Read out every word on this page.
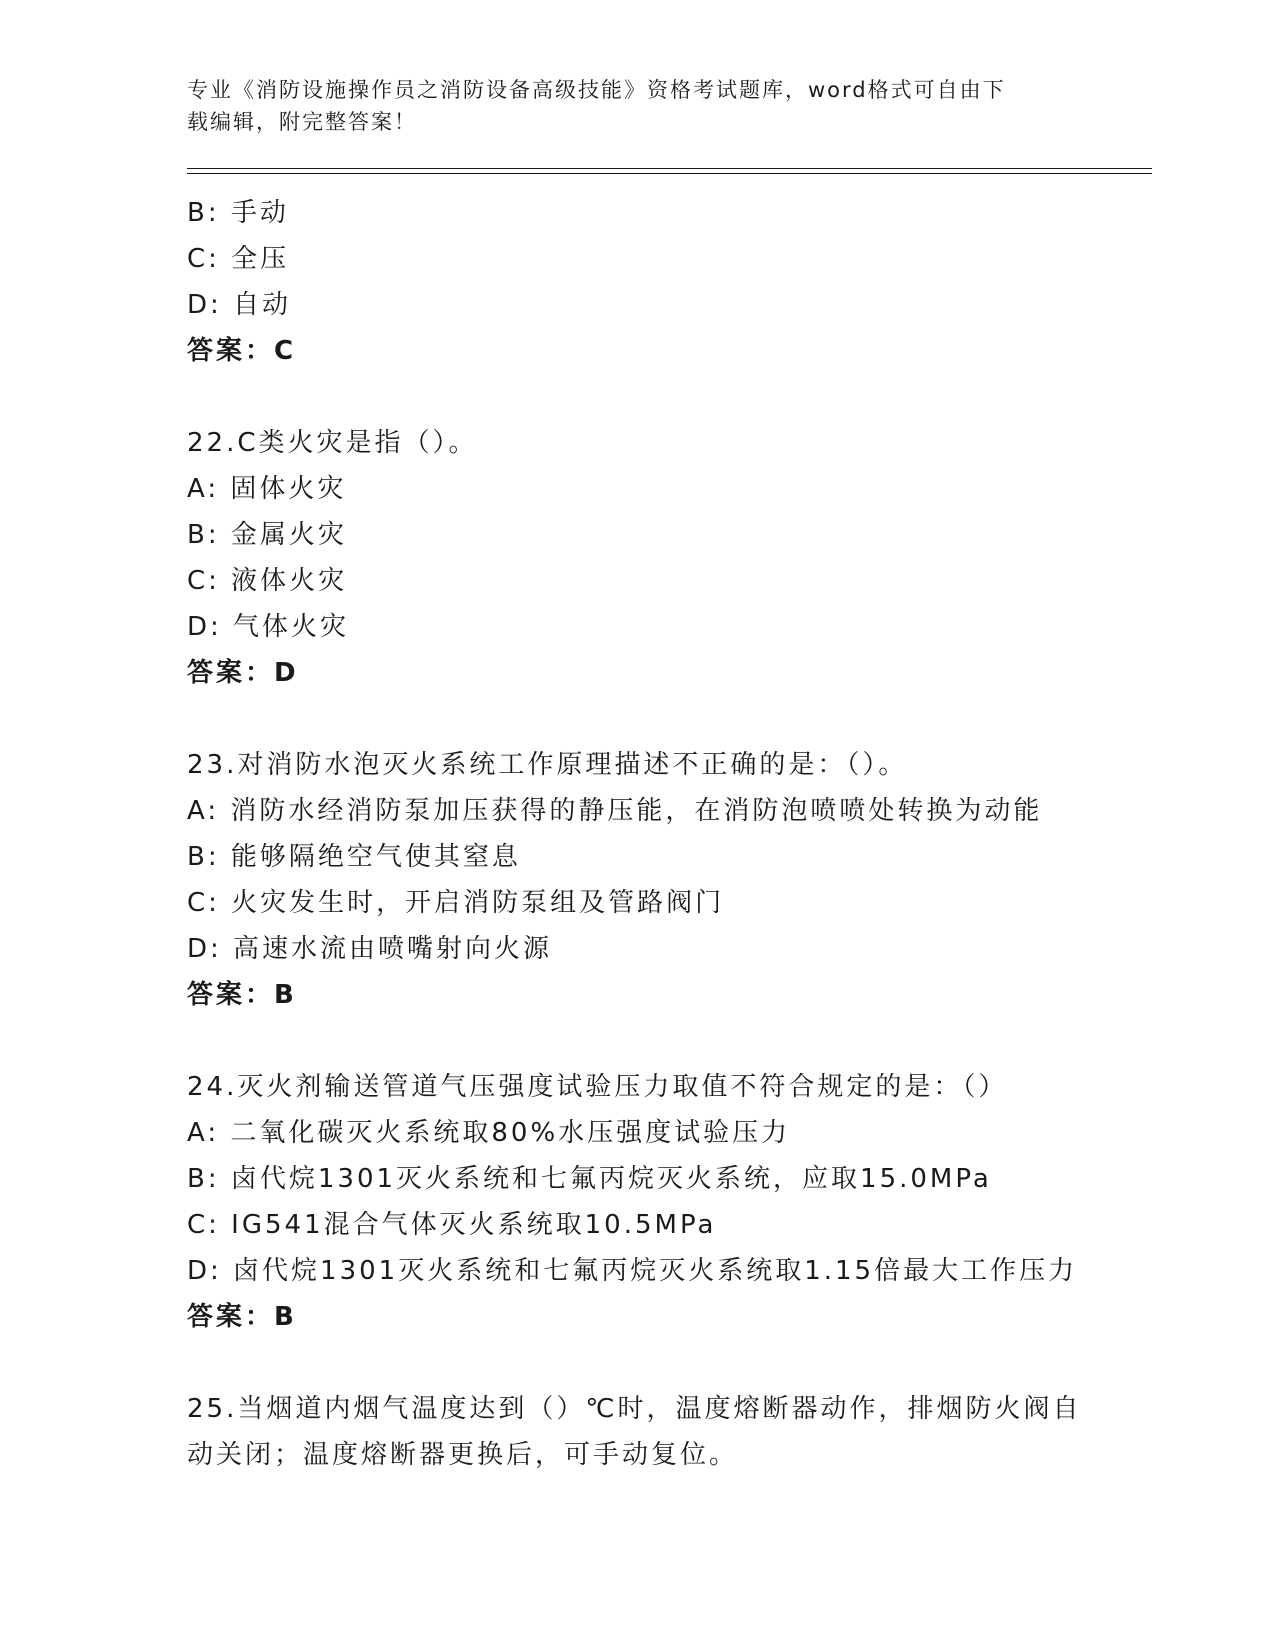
专业《消防设施操作员之消防设备高级技能》资格考试题库，word格式可自由下
载编辑，附完整答案！
B: 手动
C: 全压
D: 自动
答案：C
22.C类火灾是指（）。
A: 固体火灾
B: 金属火灾
C: 液体火灾
D: 气体火灾
答案：D
23.对消防水泡灭火系统工作原理描述不正确的是：（）。
A: 消防水经消防泵加压获得的静压能，在消防泡喷喷处转换为动能
B: 能够隔绝空气使其窒息
C: 火灾发生时，开启消防泵组及管路阀门
D: 高速水流由喷嘴射向火源
答案：B
24.灭火剂输送管道气压强度试验压力取值不符合规定的是：（）
A: 二氧化碳灭火系统取80%水压强度试验压力
B: 卤代烷1301灭火系统和七氟丙烷灭火系统，应取15.0MPa
C: IG541混合气体灭火系统取10.5MPa
D: 卤代烷1301灭火系统和七氟丙烷灭火系统取1.15倍最大工作压力
答案：B
25.当烟道内烟气温度达到（）℃时，温度熔断器动作，排烟防火阀自
动关闭；温度熔断器更换后，可手动复位。
